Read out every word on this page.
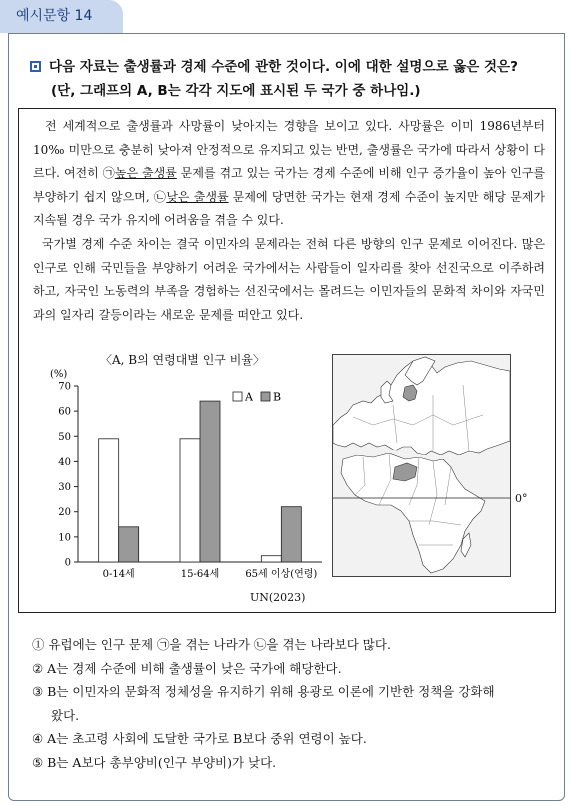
예시문항 14
다음 자료는 출생률과 경제 수준에 관한 것이다. 이에 대한 설명으로 옳은 것은?
(단, 그래프의 A, B는 각각 지도에 표시된 두 국가 중 하나임.)
전 세계적으로 출생률과 사망률이 낮아지는 경향을 보이고 있다. 사망률은 이미 1986년부터 10‰ 미만으로 충분히 낮아져 안정적으로 유지되고 있는 반면, 출생률은 국가에 따라서 상황이 다르다. 여전히 ㉠높은 출생률 문제를 겪고 있는 국가는 경제 수준에 비해 인구 증가율이 높아 인구를 부양하기 쉽지 않으며, ㉡낮은 출생률 문제에 당면한 국가는 현재 경제 수준이 높지만 해당 문제가 지속될 경우 국가 유지에 어려움을 겪을 수 있다.
국가별 경제 수준 차이는 결국 이민자의 문제라는 전혀 다른 방향의 인구 문제로 이어진다. 많은 인구로 인해 국민들을 부양하기 어려운 국가에서는 사람들이 일자리를 찾아 선진국으로 이주하려 하고, 자국인 노동력의 부족을 경험하는 선진국에서는 몰려드는 이민자들의 문화적 차이와 자국민과의 일자리 갈등이라는 새로운 문제를 떠안고 있다.
〈A, B의 연령대별 인구 비율〉
(%)
0
10
20
30
40
50
60
70
0-14세	15-64세	65세 이상(연령)
A B
UN(2023)
0°
① 유럽에는 인구 문제 ㉠을 겪는 나라가 ㉡을 겪는 나라보다 많다.
② A는 경제 수준에 비해 출생률이 낮은 국가에 해당한다.
③ B는 이민자의 문화적 정체성을 유지하기 위해 용광로 이론에 기반한 정책을 강화해
왔다.
④ A는 초고령 사회에 도달한 국가로 B보다 중위 연령이 높다.
⑤ B는 A보다 총부양비(인구 부양비)가 낮다.
